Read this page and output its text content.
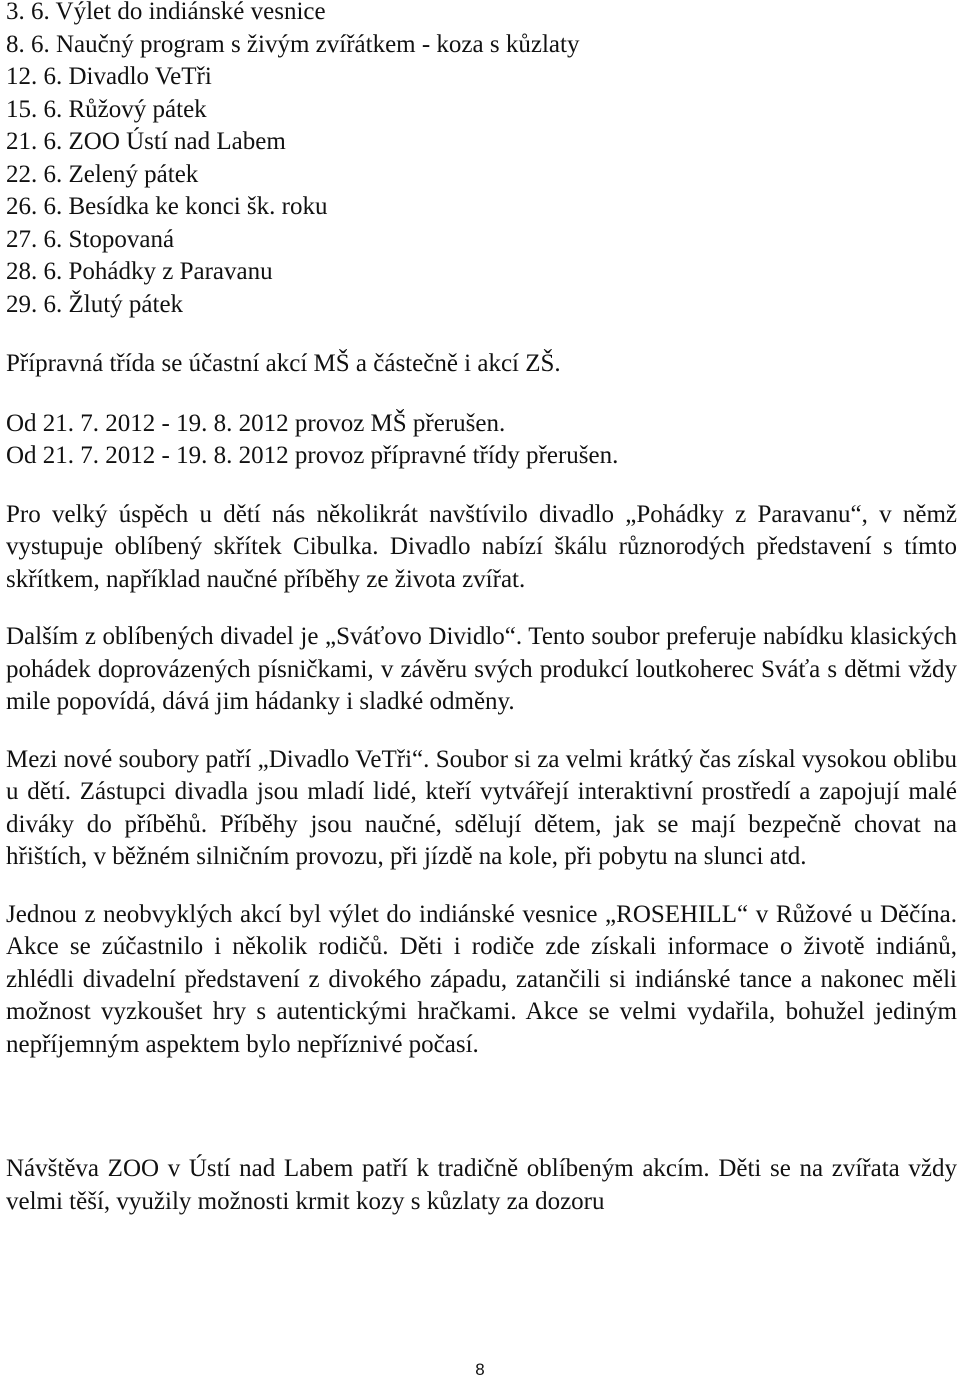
3. 6. Výlet do indiánské vesnice
8. 6. Naučný program s živým zvířátkem - koza s kůzlaty
12. 6. Divadlo VeTři
15. 6. Růžový pátek
21. 6. ZOO Ústí nad Labem
22. 6. Zelený pátek
26. 6. Besídka ke konci šk. roku
27. 6. Stopovaná
28. 6. Pohádky z Paravanu
29. 6. Žlutý pátek
Přípravná třída se účastní akcí MŠ a částečně i akcí ZŠ.
Od 21. 7. 2012 - 19. 8. 2012 provoz MŠ přerušen.
Od 21. 7. 2012 - 19. 8. 2012 provoz přípravné třídy přerušen.
Pro velký úspěch u dětí nás několikrát navštívilo divadlo „Pohádky z Paravanu“, v němž vystupuje oblíbený skřítek Cibulka. Divadlo nabízí škálu různorodých představení s tímto skřítkem, například naučné příběhy ze života zvířat.
Dalším z oblíbených divadel je „Sváťovo Dividlo“. Tento soubor preferuje nabídku klasických pohádek doprovázených písničkami, v závěru svých produkcí loutkoherec Sváťa s dětmi vždy mile popovídá, dává jim hádanky i sladké odměny.
Mezi nové soubory patří „Divadlo VeTři“. Soubor si za velmi krátký čas získal vysokou oblibu u dětí. Zástupci divadla jsou mladí lidé, kteří vytvářejí interaktivní prostředí a zapojují malé diváky do příběhů. Příběhy jsou naučné, sdělují dětem, jak se mají bezpečně chovat na hřištích, v běžném silničním provozu, při jízdě na kole, při pobytu na slunci atd.
Jednou z neobvyklých akcí byl výlet do indiánské vesnice „ROSEHILL“ v Růžové u Děčína. Akce se zúčastnilo i několik rodičů. Děti i rodiče zde získali informace o životě indiánů, zhlédli divadelní představení z divokého západu, zatančili si indiánské tance a nakonec měli možnost vyzkoušet hry s autentickými hračkami. Akce se velmi vydařila, bohužel jediným nepříjemným aspektem bylo nepříznivé počasí.
Návštěva ZOO v Ústí nad Labem patří k tradičně oblíbeným akcím. Děti se na zvířata vždy velmi těší, využily možnosti krmit kozy s kůzlaty za dozoru
8
